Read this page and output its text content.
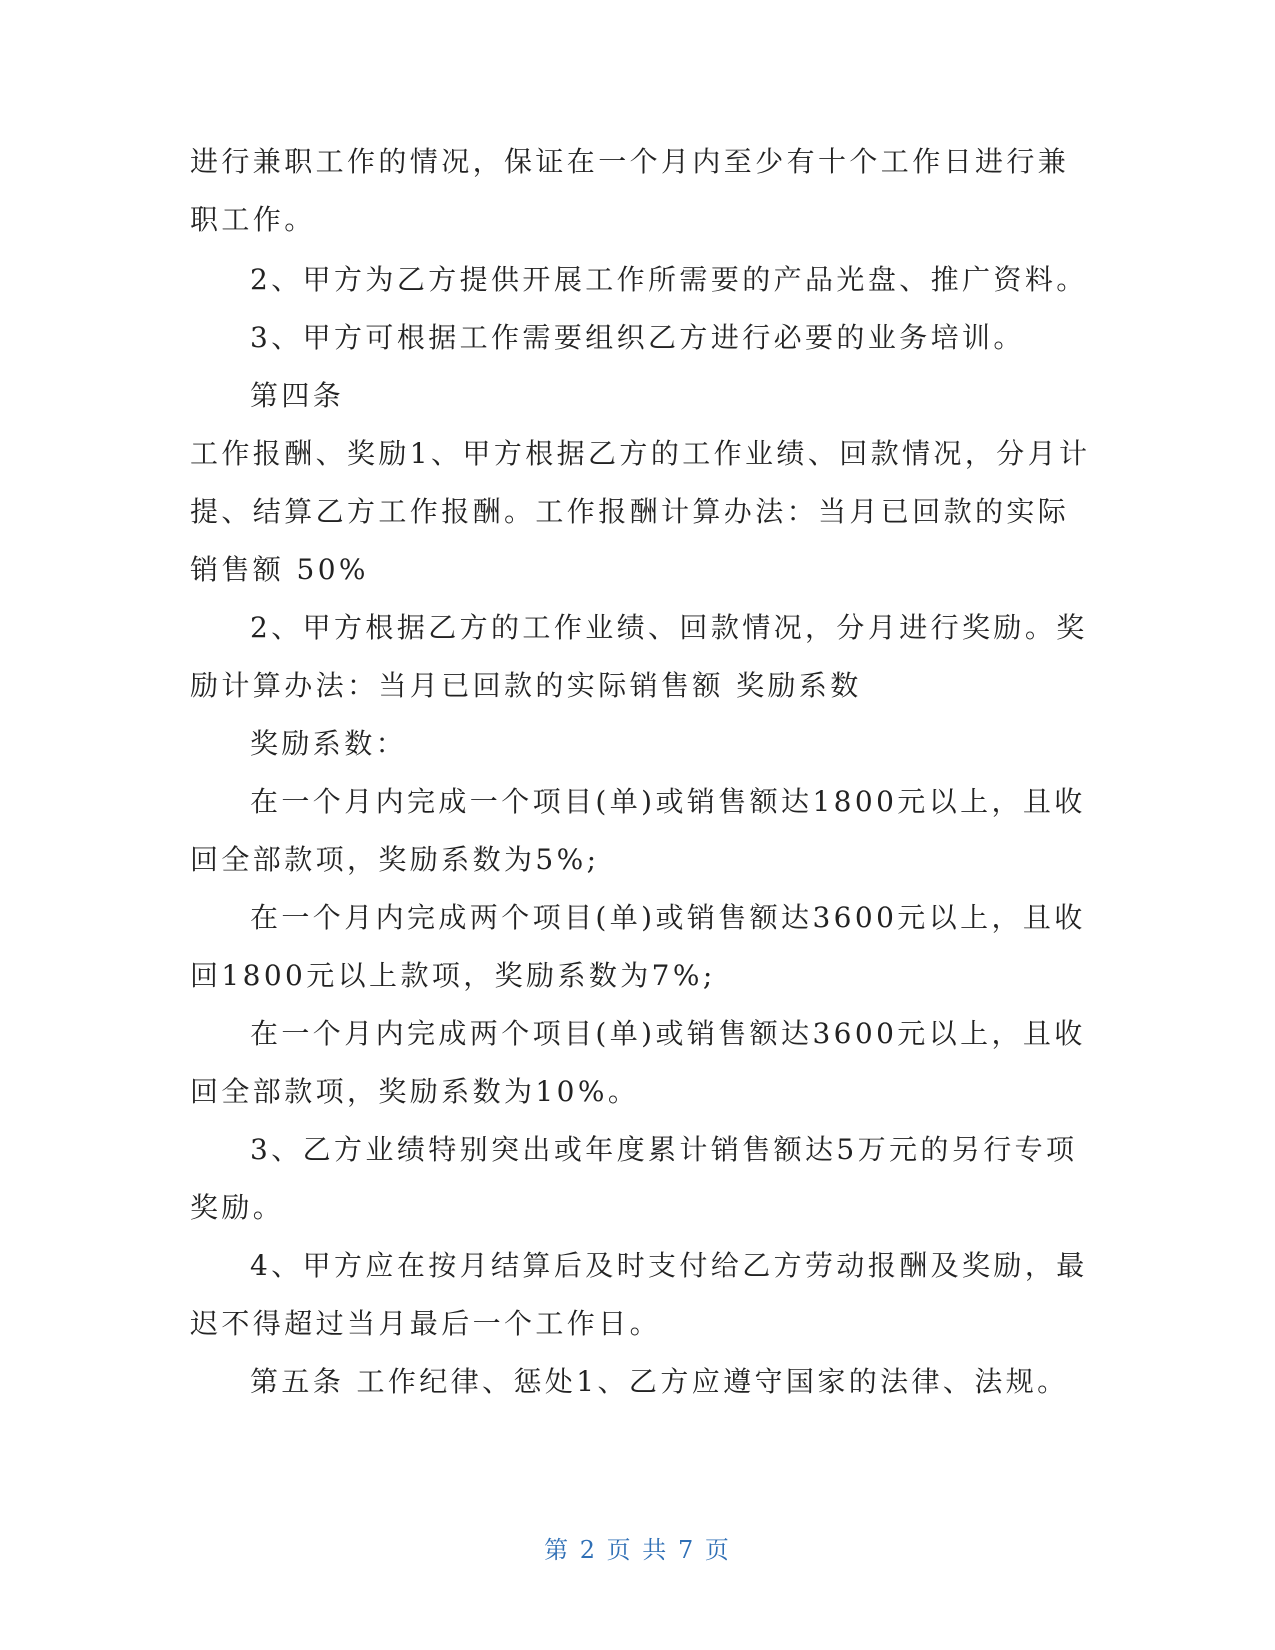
进行兼职工作的情况，保证在一个月内至少有十个工作日进行兼
职工作。
2、甲方为乙方提供开展工作所需要的产品光盘、推广资料。
3、甲方可根据工作需要组织乙方进行必要的业务培训。
第四条
工作报酬、奖励1、甲方根据乙方的工作业绩、回款情况，分月计
提、结算乙方工作报酬。工作报酬计算办法：当月已回款的实际
销售额 50%
2、甲方根据乙方的工作业绩、回款情况，分月进行奖励。奖
励计算办法：当月已回款的实际销售额 奖励系数
奖励系数：
在一个月内完成一个项目(单)或销售额达1800元以上，且收
回全部款项，奖励系数为5%;
在一个月内完成两个项目(单)或销售额达3600元以上，且收
回1800元以上款项，奖励系数为7%;
在一个月内完成两个项目(单)或销售额达3600元以上，且收
回全部款项，奖励系数为10%。
3、乙方业绩特别突出或年度累计销售额达5万元的另行专项
奖励。
4、甲方应在按月结算后及时支付给乙方劳动报酬及奖励，最
迟不得超过当月最后一个工作日。
第五条 工作纪律、惩处1、乙方应遵守国家的法律、法规。
第 2 页 共 7 页
